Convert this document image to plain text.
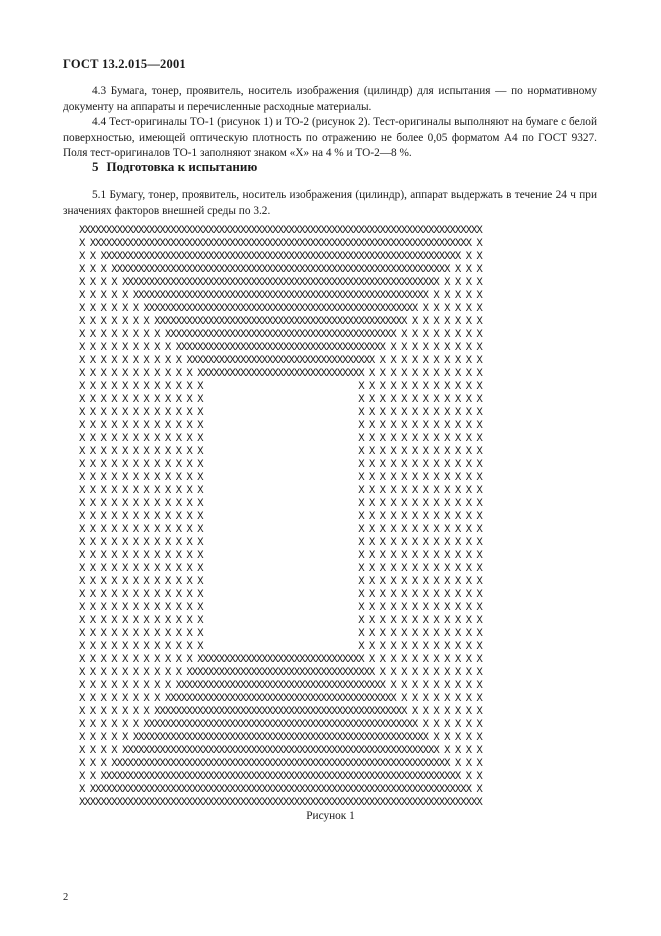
ГОСТ 13.2.015—2001
4.3 Бумага, тонер, проявитель, носитель изображения (цилиндр) для испытания — по нормативному документу на аппараты и перечисленные расходные материалы.
4.4 Тест-оригиналы ТО-1 (рисунок 1) и ТО-2 (рисунок 2). Тест-оригиналы выполняют на бумаге с белой поверхностью, имеющей оптическую плотность по отражению не более 0,05 форматом А4 по ГОСТ 9327. Поля тест-оригиналов ТО-1 заполняют знаком «Х» на 4 % и ТО-2—8 %.
5 Подготовка к испытанию
5.1 Бумагу, тонер, проявитель, носитель изображения (цилиндр), аппарат выдержать в течение 24 ч при значениях факторов внешней среды по 3.2.
XXXXXXXXXXXXXXXXXXXXXXXXXXXXXXXXXXXXXXXXXXXXXXXXXXXXXXXXXXXXXXXXXXXXXXXXXXX
X XXXXXXXXXXXXXXXXXXXXXXXXXXXXXXXXXXXXXXXXXXXXXXXXXXXXXXXXXXXXXXXXXXXXXXX X
X X XXXXXXXXXXXXXXXXXXXXXXXXXXXXXXXXXXXXXXXXXXXXXXXXXXXXXXXXXXXXXXXXXXX X X
X X X XXXXXXXXXXXXXXXXXXXXXXXXXXXXXXXXXXXXXXXXXXXXXXXXXXXXXXXXXXXXXXX X X X
X X X X XXXXXXXXXXXXXXXXXXXXXXXXXXXXXXXXXXXXXXXXXXXXXXXXXXXXXXXXXXX X X X X
X X X X X XXXXXXXXXXXXXXXXXXXXXXXXXXXXXXXXXXXXXXXXXXXXXXXXXXXXXXX X X X X X
X X X X X X XXXXXXXXXXXXXXXXXXXXXXXXXXXXXXXXXXXXXXXXXXXXXXXXXXX X X X X X X
X X X X X X X XXXXXXXXXXXXXXXXXXXXXXXXXXXXXXXXXXXXXXXXXXXXXXX X X X X X X X
X X X X X X X X XXXXXXXXXXXXXXXXXXXXXXXXXXXXXXXXXXXXXXXXXXX X X X X X X X X
X X X X X X X X X XXXXXXXXXXXXXXXXXXXXXXXXXXXXXXXXXXXXXXX X X X X X X X X X
X X X X X X X X X X XXXXXXXXXXXXXXXXXXXXXXXXXXXXXXXXXXX X X X X X X X X X X
X X X X X X X X X X X XXXXXXXXXXXXXXXXXXXXXXXXXXXXXXX X X X X X X X X X X X
X X X X X X X X X X X X                             X X X X X X X X X X X X
X X X X X X X X X X X X                             X X X X X X X X X X X X
X X X X X X X X X X X X                             X X X X X X X X X X X X
X X X X X X X X X X X X                             X X X X X X X X X X X X
X X X X X X X X X X X X                             X X X X X X X X X X X X
X X X X X X X X X X X X                             X X X X X X X X X X X X
X X X X X X X X X X X X                             X X X X X X X X X X X X
X X X X X X X X X X X X                             X X X X X X X X X X X X
X X X X X X X X X X X X                             X X X X X X X X X X X X
X X X X X X X X X X X X                             X X X X X X X X X X X X
X X X X X X X X X X X X                             X X X X X X X X X X X X
X X X X X X X X X X X X                             X X X X X X X X X X X X
X X X X X X X X X X X X                             X X X X X X X X X X X X
X X X X X X X X X X X X                             X X X X X X X X X X X X
X X X X X X X X X X X X                             X X X X X X X X X X X X
X X X X X X X X X X X X                             X X X X X X X X X X X X
X X X X X X X X X X X X                             X X X X X X X X X X X X
X X X X X X X X X X X X                             X X X X X X X X X X X X
X X X X X X X X X X X X                             X X X X X X X X X X X X
X X X X X X X X X X X X                             X X X X X X X X X X X X
X X X X X X X X X X X X                             X X X X X X X X X X X X
X X X X X X X X X X X XXXXXXXXXXXXXXXXXXXXXXXXXXXXXXX X X X X X X X X X X X
X X X X X X X X X X XXXXXXXXXXXXXXXXXXXXXXXXXXXXXXXXXXX X X X X X X X X X X
X X X X X X X X X XXXXXXXXXXXXXXXXXXXXXXXXXXXXXXXXXXXXXXX X X X X X X X X X
X X X X X X X X XXXXXXXXXXXXXXXXXXXXXXXXXXXXXXXXXXXXXXXXXXX X X X X X X X X
X X X X X X X XXXXXXXXXXXXXXXXXXXXXXXXXXXXXXXXXXXXXXXXXXXXXXX X X X X X X X
X X X X X X XXXXXXXXXXXXXXXXXXXXXXXXXXXXXXXXXXXXXXXXXXXXXXXXXXX X X X X X X
X X X X X XXXXXXXXXXXXXXXXXXXXXXXXXXXXXXXXXXXXXXXXXXXXXXXXXXXXXXX X X X X X
X X X X XXXXXXXXXXXXXXXXXXXXXXXXXXXXXXXXXXXXXXXXXXXXXXXXXXXXXXXXXXX X X X X
X X X XXXXXXXXXXXXXXXXXXXXXXXXXXXXXXXXXXXXXXXXXXXXXXXXXXXXXXXXXXXXXXX X X X
X X XXXXXXXXXXXXXXXXXXXXXXXXXXXXXXXXXXXXXXXXXXXXXXXXXXXXXXXXXXXXXXXXXXX X X
X XXXXXXXXXXXXXXXXXXXXXXXXXXXXXXXXXXXXXXXXXXXXXXXXXXXXXXXXXXXXXXXXXXXXXXX X
XXXXXXXXXXXXXXXXXXXXXXXXXXXXXXXXXXXXXXXXXXXXXXXXXXXXXXXXXXXXXXXXXXXXXXXXXXX
Рисунок 1
2
